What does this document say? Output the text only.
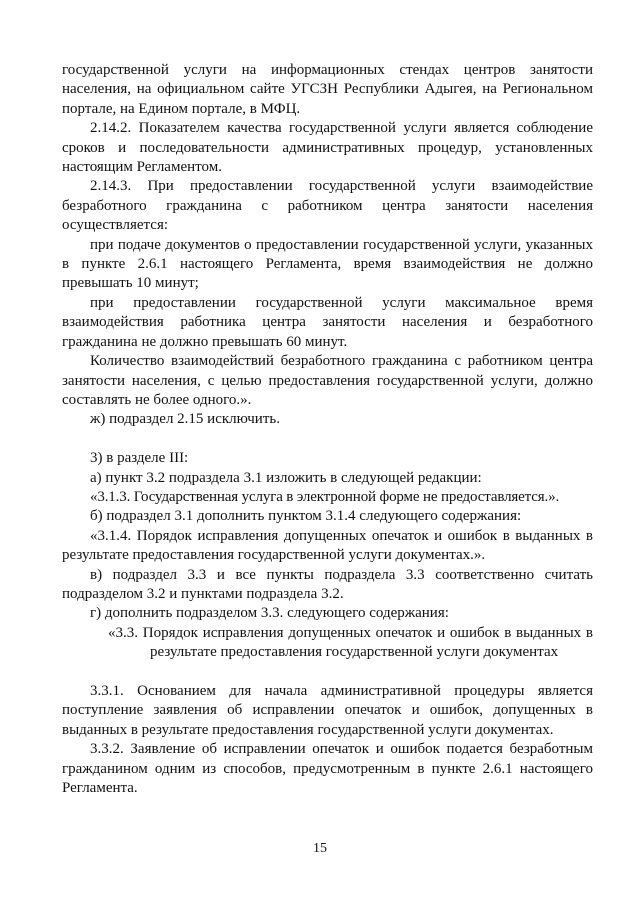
государственной услуги на информационных стендах центров занятости населения, на официальном сайте УГСЗН Республики Адыгея, на Региональном портале, на Едином портале, в МФЦ.

2.14.2. Показателем качества государственной услуги является соблюдение сроков и последовательности административных процедур, установленных настоящим Регламентом.

2.14.3. При предоставлении государственной услуги взаимодействие безработного гражданина с работником центра занятости населения осуществляется:

при подаче документов о предоставлении государственной услуги, указанных в пункте 2.6.1 настоящего Регламента, время взаимодействия не должно превышать 10 минут;

при предоставлении государственной услуги максимальное время взаимодействия работника центра занятости населения и безработного гражданина не должно превышать 60 минут.

Количество взаимодействий безработного гражданина с работником центра занятости населения, с целью предоставления государственной услуги, должно составлять не более одного.».

ж) подраздел 2.15 исключить.

3) в разделе III:

а) пункт 3.2 подраздела 3.1 изложить в следующей редакции:

«3.1.3. Государственная услуга в электронной форме не предоставляется.».

б) подраздел 3.1 дополнить пунктом 3.1.4 следующего содержания:

«3.1.4. Порядок исправления допущенных опечаток и ошибок в выданных в результате предоставления государственной услуги документах.».

в) подраздел 3.3 и все пункты подраздела 3.3 соответственно считать подразделом 3.2 и пунктами подраздела 3.2.

г) дополнить подразделом 3.3. следующего содержания:

«3.3. Порядок исправления допущенных опечаток и ошибок в выданных в результате предоставления государственной услуги документах

3.3.1. Основанием для начала административной процедуры является поступление заявления об исправлении опечаток и ошибок, допущенных в выданных в результате предоставления государственной услуги документах.

3.3.2. Заявление об исправлении опечаток и ошибок подается безработным гражданином одним из способов, предусмотренным в пункте 2.6.1 настоящего Регламента.

15
